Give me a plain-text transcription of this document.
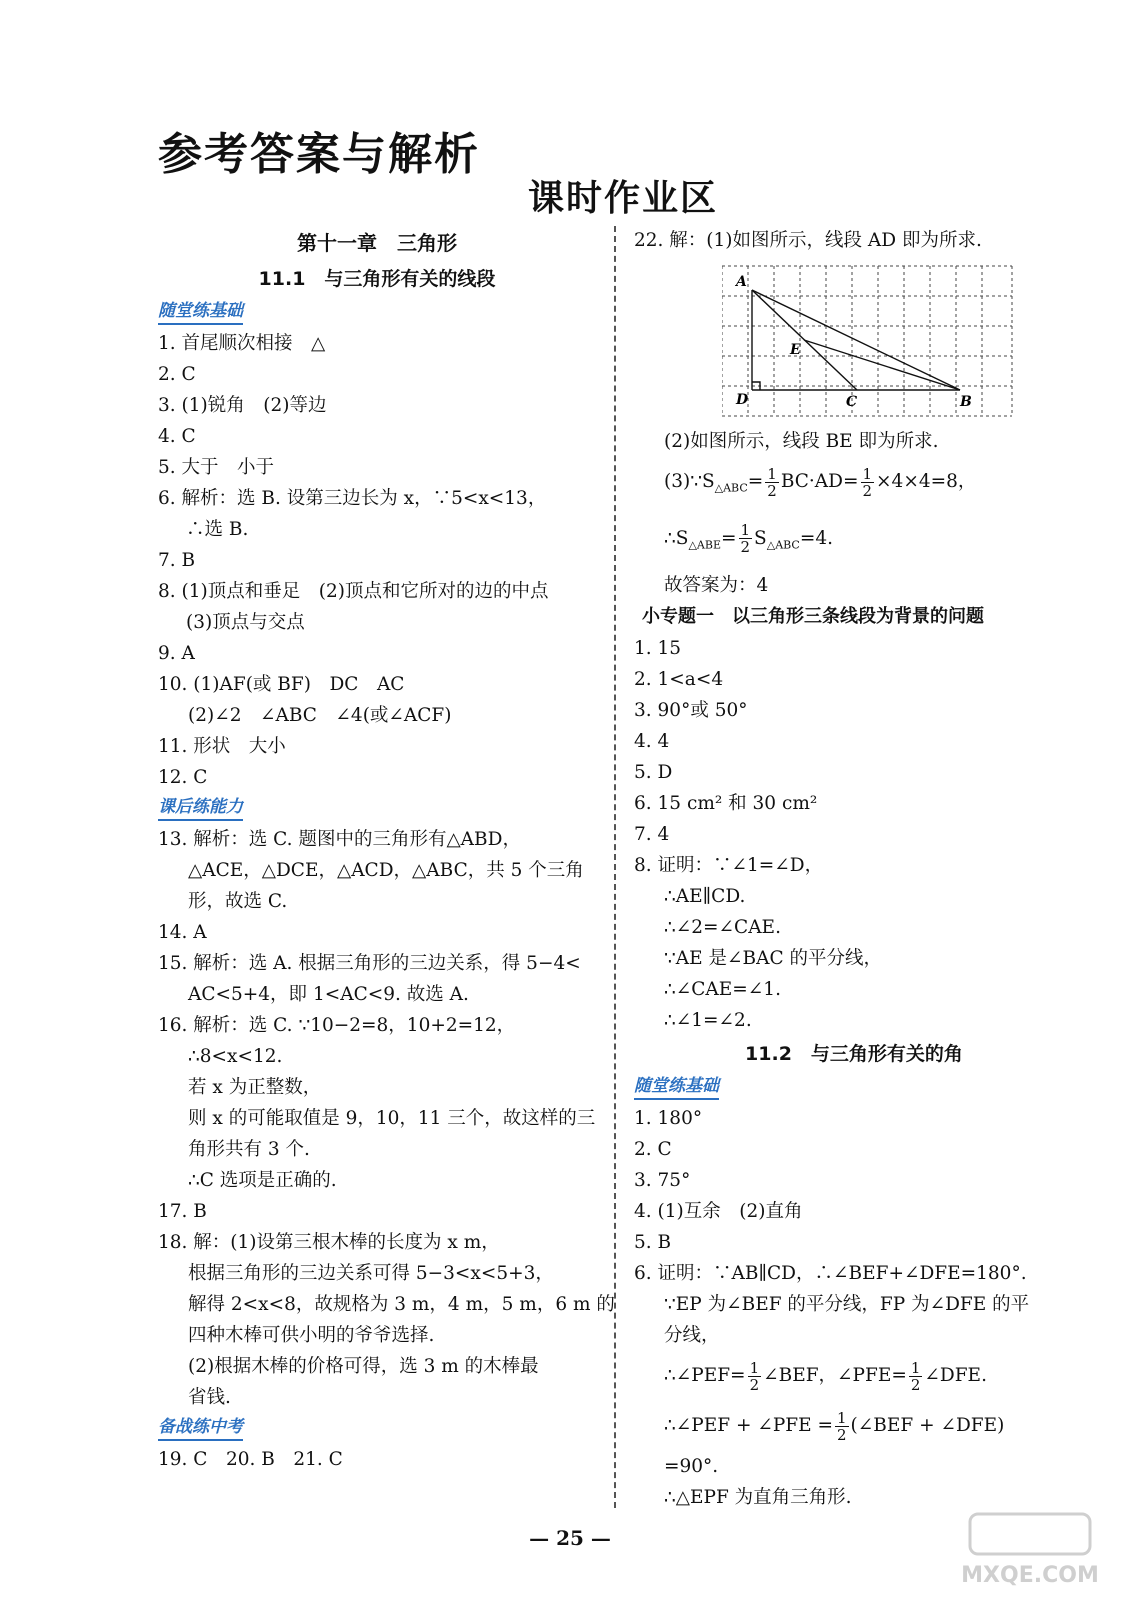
参考答案与解析
课时作业区
第十一章　三角形
11.1　与三角形有关的线段
随堂练基础
1. 首尾顺次相接　△
2. C
3. (1)锐角　(2)等边
4. C
5. 大于　小于
6. 解析：选 B. 设第三边长为 x，∵5<x<13，
∴选 B.
7. B
8. (1)顶点和垂足　(2)顶点和它所对的边的中点
(3)顶点与交点
9. A
10. (1)AF(或 BF)　DC　AC
(2)∠2　∠ABC　∠4(或∠ACF)
11. 形状　大小
12. C
课后练能力
13. 解析：选 C. 题图中的三角形有△ABD，
△ACE，△DCE，△ACD，△ABC，共 5 个三角
形，故选 C.
14. A
15. 解析：选 A. 根据三角形的三边关系，得 5−4<
AC<5+4，即 1<AC<9. 故选 A.
16. 解析：选 C. ∵10−2=8，10+2=12，
∴8<x<12.
若 x 为正整数，
则 x 的可能取值是 9，10，11 三个，故这样的三
角形共有 3 个.
∴C 选项是正确的.
17. B
18. 解：(1)设第三根木棒的长度为 x m，
根据三角形的三边关系可得 5−3<x<5+3，
解得 2<x<8，故规格为 3 m，4 m，5 m，6 m 的
四种木棒可供小明的爷爷选择.
(2)根据木棒的价格可得，选 3 m 的木棒最
省钱.
备战练中考
19. C　20. B　21. C
22. 解：(1)如图所示，线段 AD 即为所求.
A
D	C	B
E
(2)如图所示，线段 BE 即为所求.
$(3)\because S_{\triangle ABC}= \frac{1}{2} BC\cdot AD= \frac{1}{2} \times 4\times 4=8$，
$\therefore S_{\triangle ABE}= \frac{1}{2} S_{\triangle ABC}=4$.
故答案为：4
小专题一　以三角形三条线段为背景的问题
1. 15
2. 1<a<4
3. 90°或 50°
4. 4
5. D
6. 15 cm² 和 30 cm²
7. 4
8. 证明：∵∠1=∠D，
∴AE∥CD.
∴∠2=∠CAE.
∵AE 是∠BAC 的平分线，
∴∠CAE=∠1.
∴∠1=∠2.
11.2　与三角形有关的角
随堂练基础
1. 180°
2. C
3. 75°
4. (1)互余　(2)直角
5. B
6. 证明：∵AB∥CD，∴∠BEF+∠DFE=180°.
∵EP 为∠BEF 的平分线，FP 为∠DFE 的平
分线，
∴∠PEF= $\frac{1}{2}$ ∠BEF，∠PFE= $\frac{1}{2}$ ∠DFE.
∴∠PEF + ∠PFE = $\frac{1}{2}$ (∠BEF + ∠DFE)
=90°.
∴△EPF 为直角三角形.
— 25 —
MXQE.COM
